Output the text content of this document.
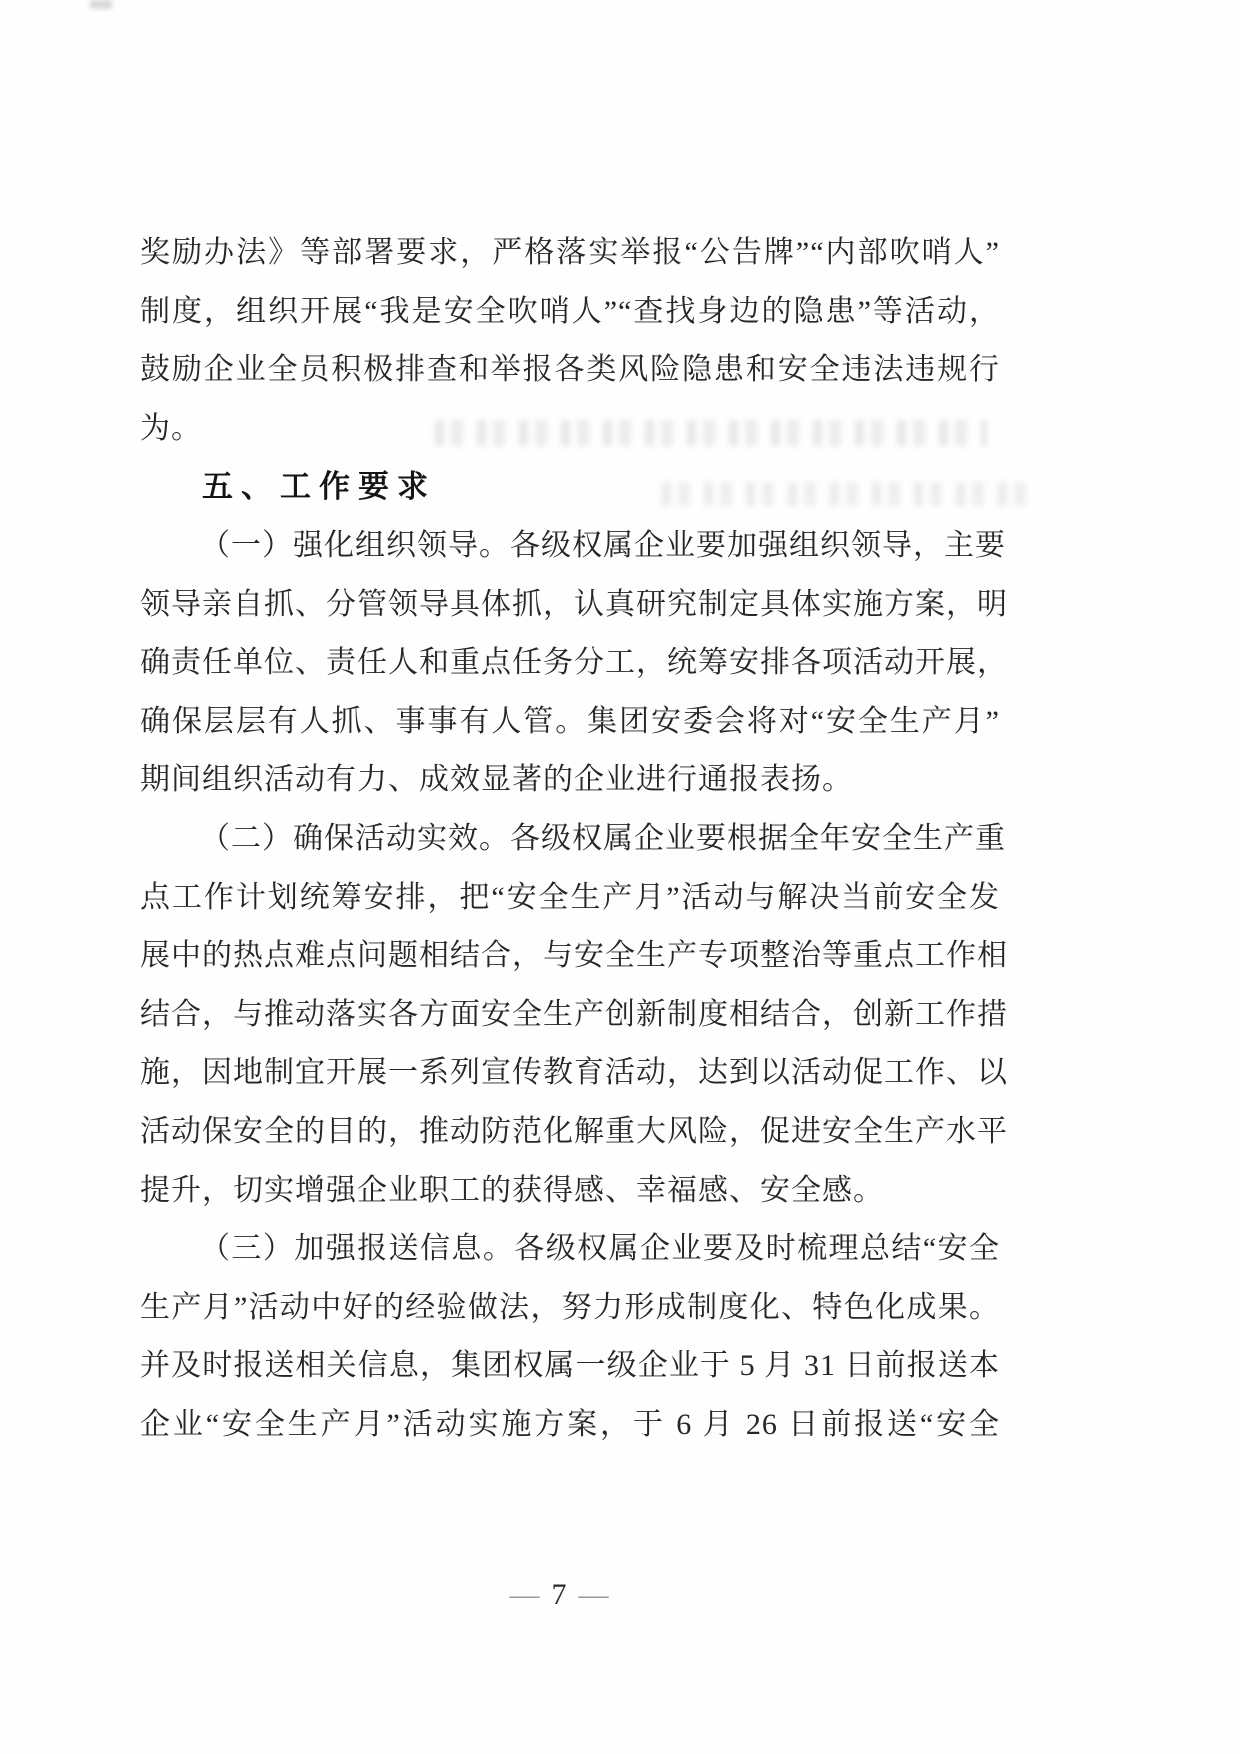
奖励办法》等部署要求，严格落实举报“公告牌”“内部吹哨人”
制度，组织开展“我是安全吹哨人”“查找身边的隐患”等活动，
鼓励企业全员积极排查和举报各类风险隐患和安全违法违规行
为。
五、工作要求
（一）强化组织领导。各级权属企业要加强组织领导，主要
领导亲自抓、分管领导具体抓，认真研究制定具体实施方案，明
确责任单位、责任人和重点任务分工，统筹安排各项活动开展，
确保层层有人抓、事事有人管。集团安委会将对“安全生产月”
期间组织活动有力、成效显著的企业进行通报表扬。
（二）确保活动实效。各级权属企业要根据全年安全生产重
点工作计划统筹安排，把“安全生产月”活动与解决当前安全发
展中的热点难点问题相结合，与安全生产专项整治等重点工作相
结合，与推动落实各方面安全生产创新制度相结合，创新工作措
施，因地制宜开展一系列宣传教育活动，达到以活动促工作、以
活动保安全的目的，推动防范化解重大风险，促进安全生产水平
提升，切实增强企业职工的获得感、幸福感、安全感。
（三）加强报送信息。各级权属企业要及时梳理总结“安全
生产月”活动中好的经验做法，努力形成制度化、特色化成果。
并及时报送相关信息，集团权属一级企业于 5 月 31 日前报送本
企业“安全生产月”活动实施方案，于 6 月 26 日前报送“安全
— 7 —
